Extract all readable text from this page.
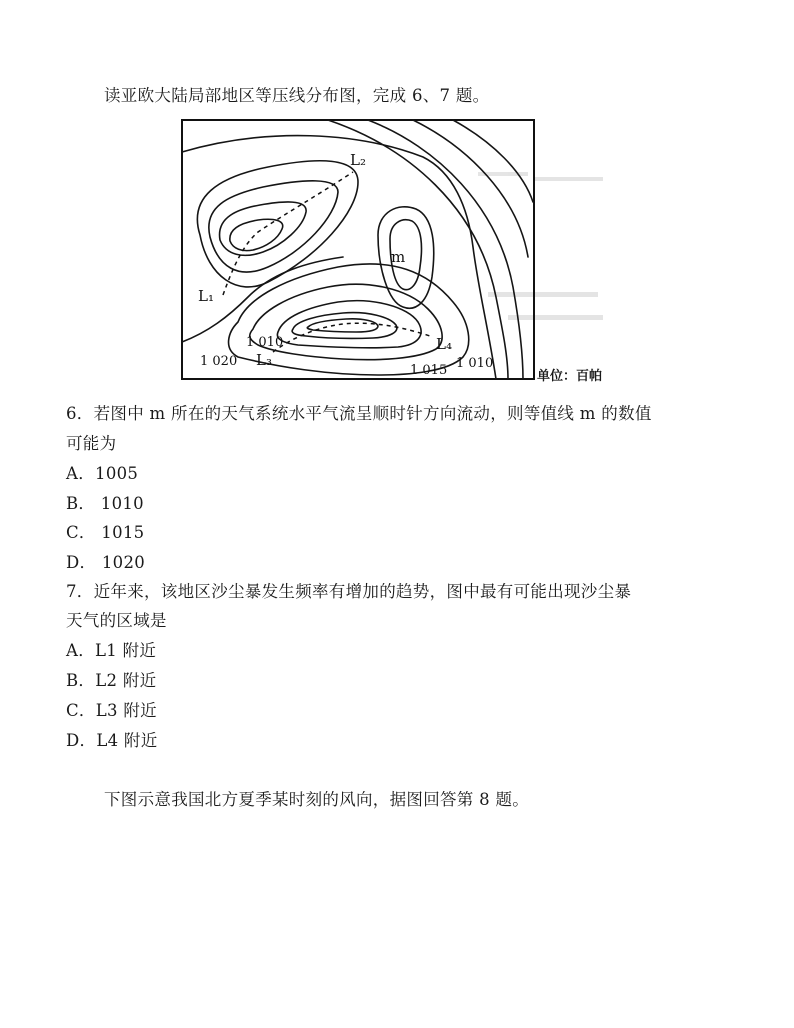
读亚欧大陆局部地区等压线分布图，完成 6、7 题。
L₁
L₂
L₃
L₄
m
1 010
1 020
1 015 1 010
单位：百帕
6．若图中 m 所在的天气系统水平气流呈顺时针方向流动，则等值线 m 的数值
可能为
A．1005
B． 1010
C． 1015
D． 1020
7．近年来，该地区沙尘暴发生频率有增加的趋势，图中最有可能出现沙尘暴
天气的区域是
A．L1 附近
B．L2 附近
C．L3 附近
D．L4 附近
下图示意我国北方夏季某时刻的风向，据图回答第 8 题。
